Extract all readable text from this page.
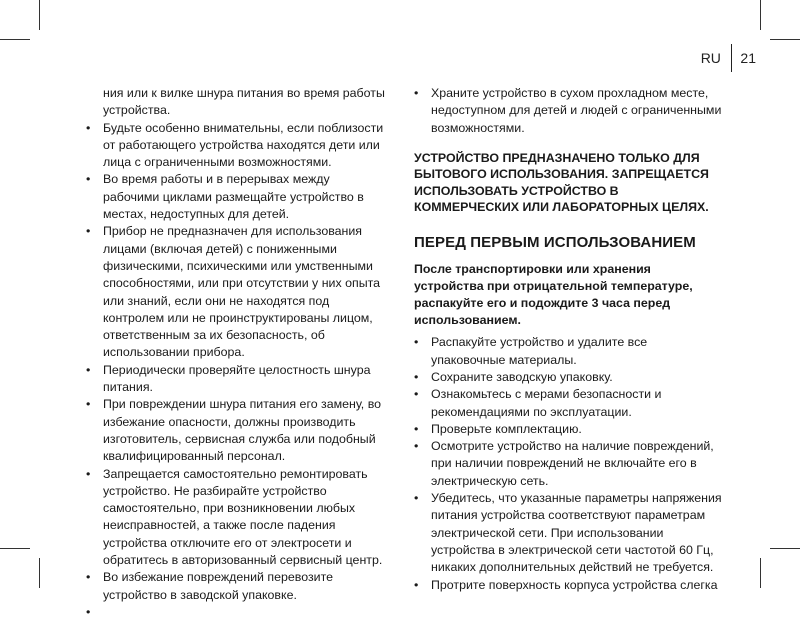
RU 21
ния или к вилке шнура питания во время работы устройства.
• Будьте особенно внимательны, если поблизости от работающего устройства находятся дети или лица с ограниченными возможностями.
• Во время работы и в перерывах между рабочими циклами размещайте устройство в местах, недоступных для детей.
• Прибор не предназначен для использования лицами (включая детей) с пониженными физическими, психическими или умственными способностями, или при отсутствии у них опыта или знаний, если они не находятся под контролем или не проинструктированы лицом, ответственным за их безопасность, об использовании прибора.
• Периодически проверяйте целостность шнура питания.
• При повреждении шнура питания его замену, во избежание опасности, должны производить изготовитель, сервисная служба или подобный квалифицированный персонал.
• Запрещается самостоятельно ремонтировать устройство. Не разбирайте устройство самостоятельно, при возникновении любых неисправностей, а также после падения устройства отключите его от электросети и обратитесь в авторизованный сервисный центр.
• Во избежание повреждений перевозите устройство в заводской упаковке.
• Храните устройство в сухом прохладном месте, недоступном для детей и людей с ограниченными возможностями.
УСТРОЙСТВО ПРЕДНАЗНАЧЕНО ТОЛЬКО ДЛЯ БЫТОВОГО ИСПОЛЬЗОВАНИЯ. ЗАПРЕЩАЕТСЯ ИСПОЛЬЗОВАТЬ УСТРОЙСТВО В КОММЕРЧЕСКИХ ИЛИ ЛАБОРАТОРНЫХ ЦЕЛЯХ.
ПЕРЕД ПЕРВЫМ ИСПОЛЬЗОВАНИЕМ
После транспортировки или хранения устройства при отрицательной температуре, распакуйте его и подождите 3 часа перед использованием.
• Распакуйте устройство и удалите все упаковочные материалы.
• Сохраните заводскую упаковку.
• Ознакомьтесь с мерами безопасности и рекомендациями по эксплуатации.
• Проверьте комплектацию.
• Осмотрите устройство на наличие повреждений, при наличии повреждений не включайте его в электрическую сеть.
• Убедитесь, что указанные параметры напряжения питания устройства соответствуют параметрам электрической сети. При использовании устройства в электрической сети частотой 60 Гц, никаких дополнительных действий не требуется.
• Протрите поверхность корпуса устройства слегка
